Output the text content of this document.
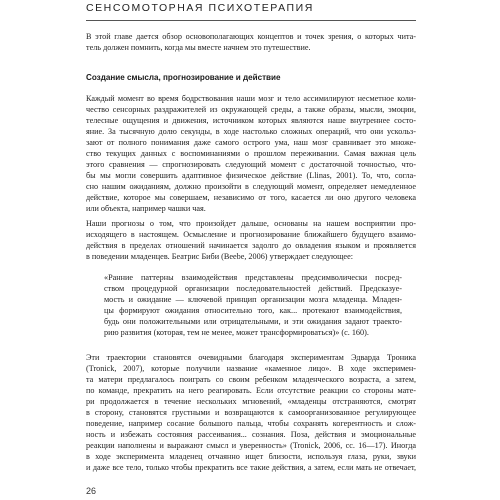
СЕНСОМОТОРНАЯ ПСИХОТЕРАПИЯ
В этой главе дается обзор основополагающих концептов и точек зрения, о которых чита-
тель должен помнить, когда мы вместе начнем это путешествие.
Создание смысла, прогнозирование и действие
Каждый момент во время бодрствования наши мозг и тело ассимилируют несметное коли-
чество сенсорных раздражителей из окружающей среды, а также образы, мысли, эмоции,
телесные ощущения и движения, источником которых являются наше внутреннее состо-
яние. За тысячную долю секунды, в ходе настолько сложных операций, что они ускольз-
зают от полного понимания даже самого острого ума, наш мозг сравнивает это множе-
ство текущих данных с воспоминаниями о прошлом переживании. Самая важная цель
этого сравнения — спрогнозировать следующий момент с достаточной точностью, что-
бы мы могли совершить адаптивное физическое действие (Llinas, 2001). То, что, согла-
сно нашим ожиданиям, должно произойти в следующий момент, определяет немедленное
действие, которое мы совершаем, независимо от того, касается ли оно другого человека
или объекта, например чашки чая.
Наши прогнозы о том, что произойдет дальше, основаны на нашем восприятии про-
исходящего в настоящем. Осмысление и прогнозирование ближайшего будущего взаимо-
действия в пределах отношений начинается задолго до овладения языком и проявляется
в поведении младенцев. Беатрис Биби (Beebe, 2006) утверждает следующее:
«Ранние паттерны взаимодействия представлены предсимволически посред-
ством процедурной организации последовательностей действий. Предсказуе-
мость и ожидание — ключевой принцип организации мозга младенца. Младен-
цы формируют ожидания относительно того, как... протекают взаимодействия,
будь они положительными или отрицательными, и эти ожидания задают траекто-
рию развития (которая, тем не менее, может трансформироваться)» (с. 160).
Эти траектории становятся очевидными благодаря экспериментам Эдварда Троника
(Tronick, 2007), которые получили название «каменное лицо». В ходе эксперимен-
та матери предлагалось поиграть со своим ребенком младенческого возраста, а затем,
по команде, прекратить на него реагировать. Если отсутствие реакции со стороны мате-
ри продолжается в течение нескольких мгновений, «младенцы отстраняются, смотрят
в сторону, становятся грустными и возвращаются к самоорганизованное регулирующее
поведение, например сосание большого пальца, чтобы сохранять когерентность и слож-
ность и избежать состояния рассеивания... сознания. Поза, действия и эмоциональные
реакции наполнены и выражают смысл и уверенность» (Tronick, 2006, сс. 16—17). Иногда
в ходе эксперимента младенец отчаянно ищет близости, используя глаза, руки, звуки
и даже все тело, только чтобы прекратить все такие действия, а затем, если мать не отвечает,
26
